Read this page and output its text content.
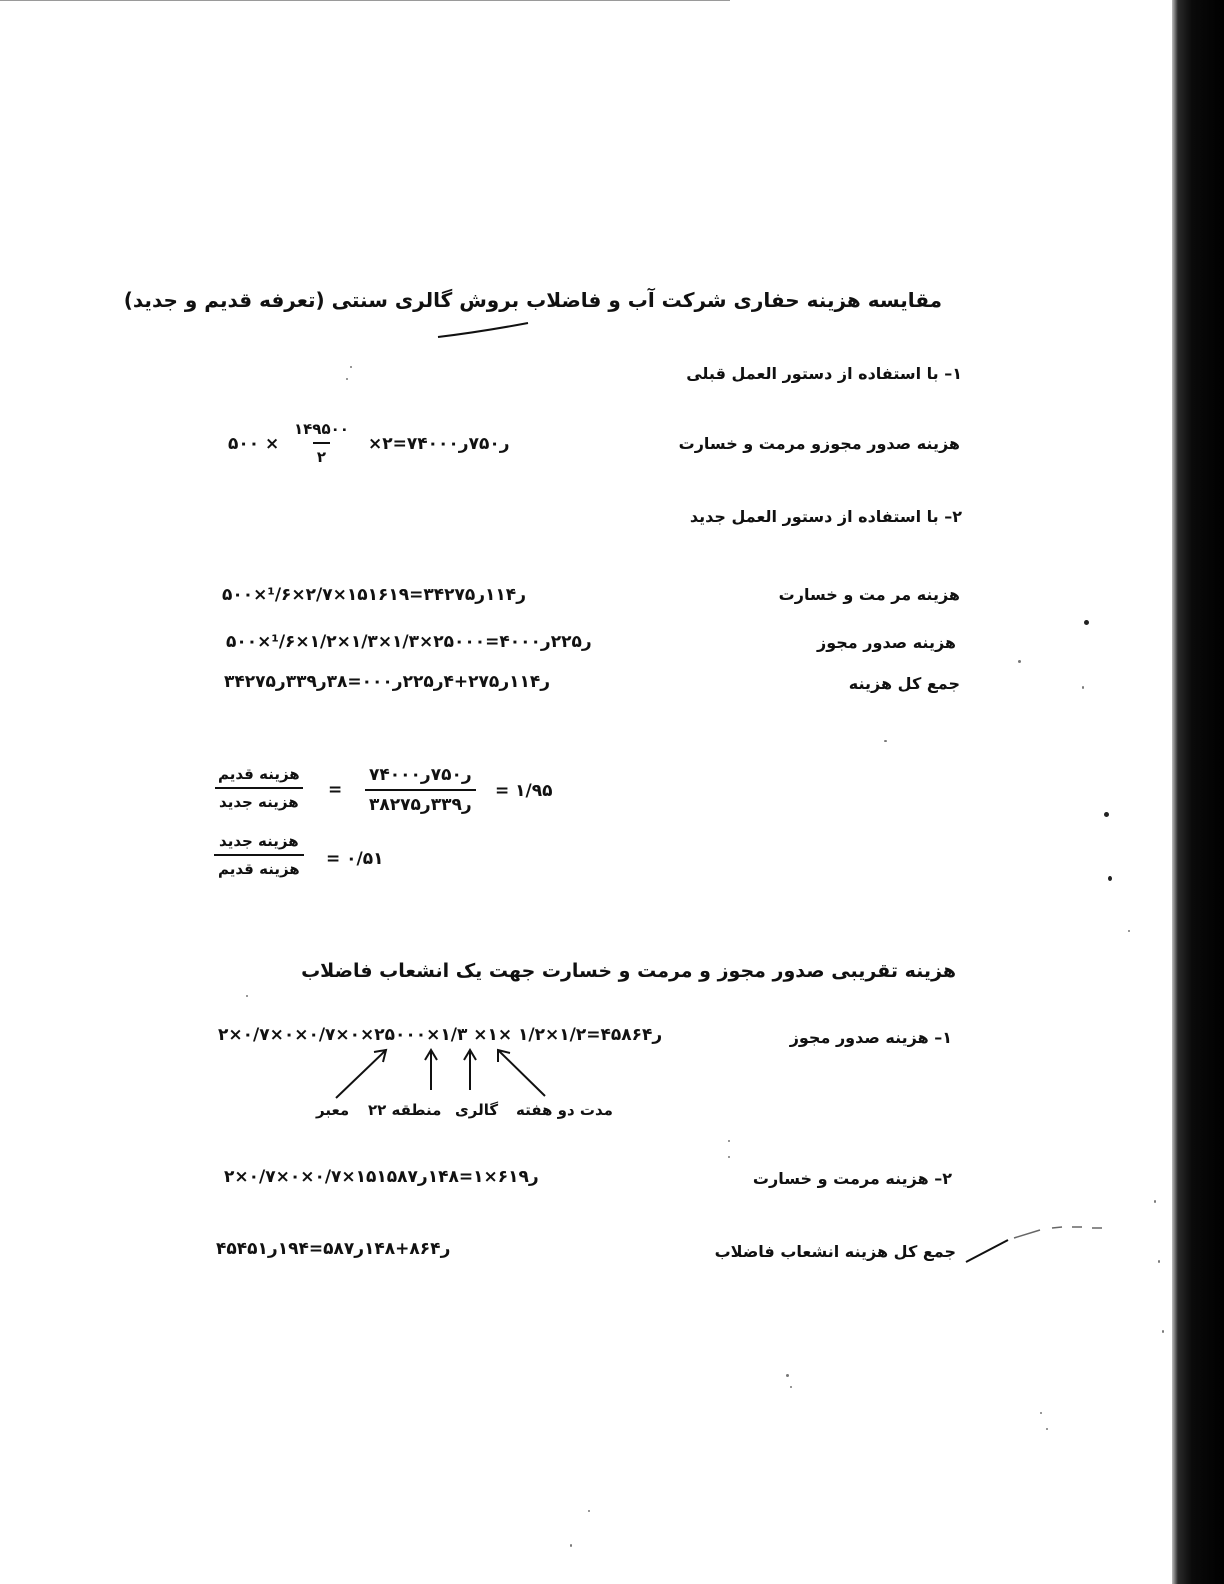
مقایسه هزینه حفاری شرکت آب و فاضلاب بروش گالری سنتی (تعرفه قدیم و جدید)
۱– با استفاده از دستور العمل قبلی
هزینه صدور مجوزو مرمت و خسارت
۵۰۰ ×
۱۴۹۵۰۰
۲
×۲=۷۴ر۷۵۰ر۰۰۰
۲– با استفاده از دستور العمل جدید
هزینه مر مت و خسارت
۵۰۰×¹/۶×۲/۷×۱۵۱۶۱۹=۳۴ر۱۱۴ر۲۷۵
هزینه صدور مجوز
۵۰۰×¹/۶×۱/۲×۱/۳×۱/۳×۲۵۰۰۰=۴ر۲۲۵ر۰۰۰
جمع کل هزینه
۳۴ر۱۱۴ر۲۷۵+۴ر۲۲۵ر۰۰۰=۳۸ر۳۳۹ر۲۷۵
هزینه قدیم
هزینه جدید
=
۷۴ر۷۵۰ر۰۰۰
۳۸ر۳۳۹ر۲۷۵
= ۱/۹۵
هزینه جدید
هزینه قدیم = ۰/۵۱
هزینه تقریبی صدور مجوز و مرمت و خسارت جهت یک انشعاب فاضلاب
۱– هزینه صدور مجوز
۲×۰/۷×۰×۰/۷×۰×۲۵۰۰۰×۱/۳ ×۱× ۱/۲×۱/۲=۴۵ر۸۶۴
معبر منطقه ۲۲ گالری مدت دو هفته
۲– هزینه مرمت و خسارت
۲×۰/۷×۰×۰/۷×۱۵۱ر۶۱۹×۱=۱۴۸ر۵۸۷
جمع کل هزینه انشعاب فاضلاب
۴۵ر۸۶۴+۱۴۸ر۵۸۷=۱۹۴ر۴۵۱
